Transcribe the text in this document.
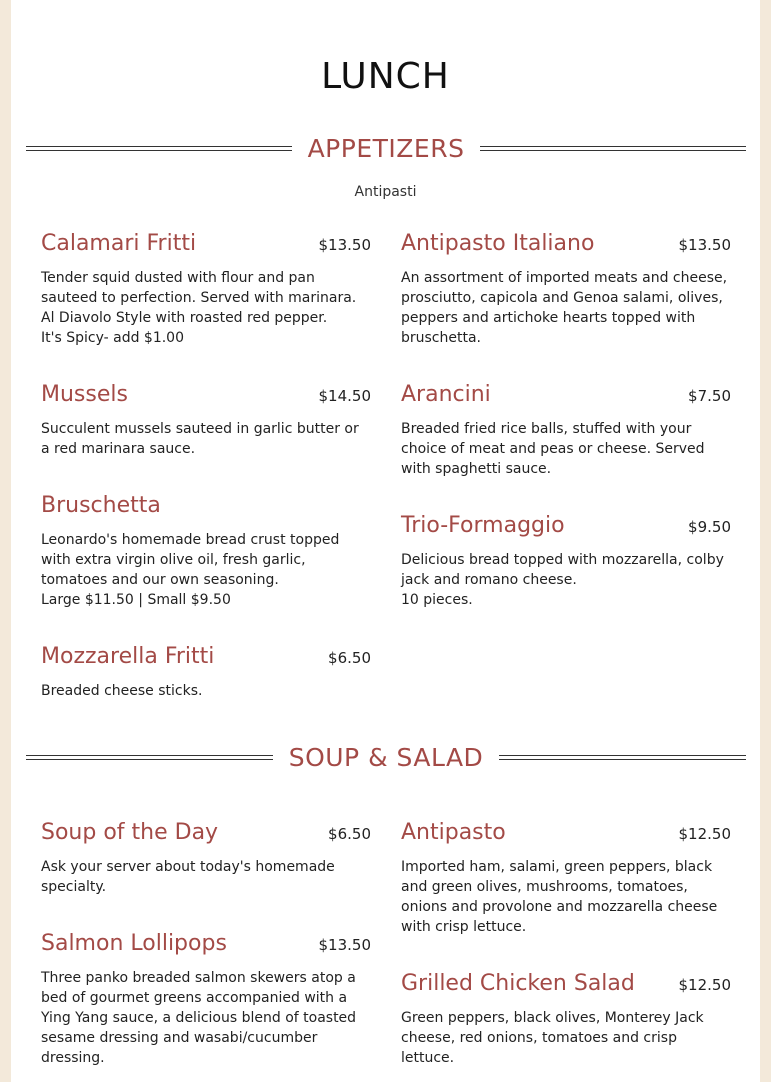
LUNCH
APPETIZERS
Antipasti
Calamari Fritti	$13.50
Tender squid dusted with flour and pan sauteed to perfection. Served with marinara.
Al Diavolo Style with roasted red pepper.
It's Spicy- add $1.00
Mussels	$14.50
Succulent mussels sauteed in garlic butter or a red marinara sauce.
Bruschetta
Leonardo's homemade bread crust topped with extra virgin olive oil, fresh garlic, tomatoes and our own seasoning.
Large $11.50 | Small $9.50
Mozzarella Fritti	$6.50
Breaded cheese sticks.
Antipasto Italiano	$13.50
An assortment of imported meats and cheese, prosciutto, capicola and Genoa salami, olives, peppers and artichoke hearts topped with bruschetta.
Arancini	$7.50
Breaded fried rice balls, stuffed with your choice of meat and peas or cheese. Served with spaghetti sauce.
Trio-Formaggio	$9.50
Delicious bread topped with mozzarella, colby jack and romano cheese.
10 pieces.
SOUP & SALAD
Soup of the Day	$6.50
Ask your server about today's homemade specialty.
Salmon Lollipops	$13.50
Three panko breaded salmon skewers atop a bed of gourmet greens accompanied with a Ying Yang sauce, a delicious blend of toasted sesame dressing and wasabi/cucumber dressing.
Antipasto	$12.50
Imported ham, salami, green peppers, black and green olives, mushrooms, tomatoes, onions and provolone and mozzarella cheese with crisp lettuce.
Grilled Chicken Salad	$12.50
Green peppers, black olives, Monterey Jack cheese, red onions, tomatoes and crisp lettuce.
